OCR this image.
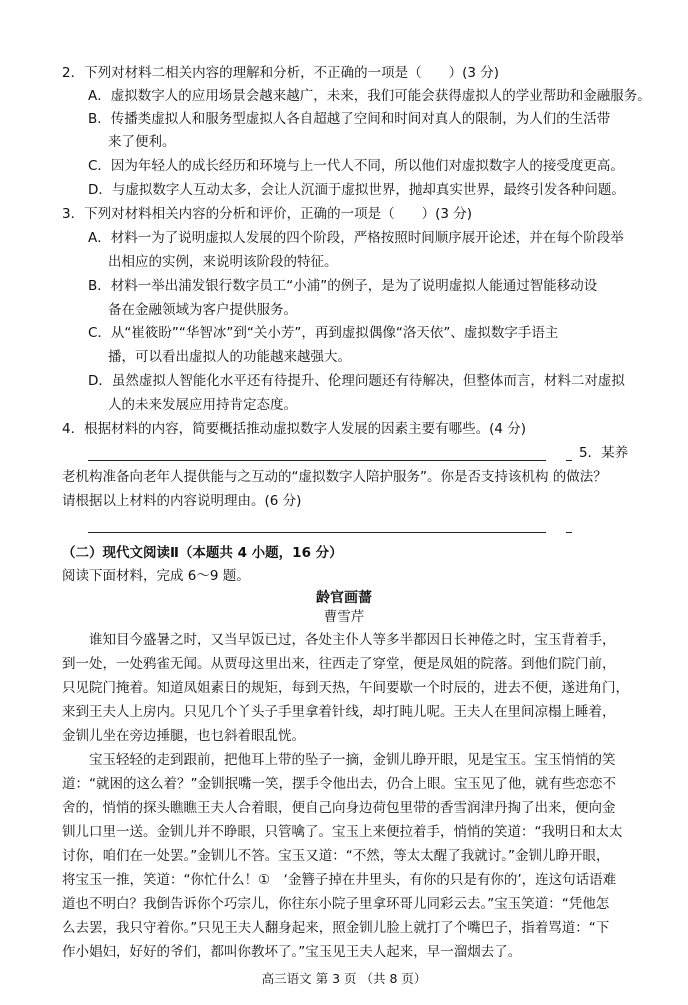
2．下列对材料二相关内容的理解和分析，不正确的一项是（　　）(3 分)
A．虚拟数字人的应用场景会越来越广，未来，我们可能会获得虚拟人的学业帮助和金融服务。
B．传播类虚拟人和服务型虚拟人各自超越了空间和时间对真人的限制，为人们的生活带
来了便利。
C．因为年轻人的成长经历和环境与上一代人不同，所以他们对虚拟数字人的接受度更高。
D．与虚拟数字人互动太多，会让人沉湎于虚拟世界，抛却真实世界，最终引发各种问题。
3．下列对材料相关内容的分析和评价，正确的一项是（　　）(3 分)
A．材料一为了说明虚拟人发展的四个阶段，严格按照时间顺序展开论述，并在每个阶段举
出相应的实例，来说明该阶段的特征。
B．材料一举出浦发银行数字员工“小浦”的例子，是为了说明虚拟人能通过智能移动设
备在金融领域为客户提供服务。
C．从“崔筱盼”“华智冰”到“关小芳”，再到虚拟偶像“洛天依”、虚拟数字手语主
播，可以看出虚拟人的功能越来越强大。
D．虽然虚拟人智能化水平还有待提升、伦理问题还有待解决，但整体而言，材料二对虚拟
人的未来发展应用持肯定态度。
4．根据材料的内容，简要概括推动虚拟数字人发展的因素主要有哪些。(4 分)
5．某养
老机构准备向老年人提供能与之互动的“虚拟数字人陪护服务”。你是否支持该机构 的做法？
请根据以上材料的内容说明理由。(6 分)
（二）现代文阅读Ⅱ（本题共 4 小题，16 分）
阅读下面材料，完成 6～9 题。
龄官画蔷
曹雪芹
　　谁知目今盛暑之时，又当早饭已过，各处主仆人等多半都因日长神倦之时，宝玉背着手，
到一处，一处鸦雀无闻。从贾母这里出来，往西走了穿堂，便是凤姐的院落。到他们院门前，
只见院门掩着。知道凤姐素日的规矩，每到天热，午间要歇一个时辰的，进去不便，遂进角门，
来到王夫人上房内。只见几个丫头子手里拿着针线，却打盹儿呢。王夫人在里间凉榻上睡着，
金钏儿坐在旁边捶腿，也乜斜着眼乱恍。
　　宝玉轻轻的走到跟前，把他耳上带的坠子一摘，金钏儿睁开眼，见是宝玉。宝玉悄悄的笑
道：“就困的这么着？”金钏抿嘴一笑，摆手令他出去，仍合上眼。宝玉见了他，就有些恋恋不
舍的，悄悄的探头瞧瞧王夫人合着眼，便自己向身边荷包里带的香雪润津丹掏了出来，便向金
钏儿口里一送。金钏儿并不睁眼，只管噙了。宝玉上来便拉着手，悄悄的笑道：“我明日和太太
讨你，咱们在一处罢。”金钏儿不答。宝玉又道：“不然，等太太醒了我就讨。”金钏儿睁开眼，
将宝玉一推，笑道：“你忙什么！①　‘金簪子掉在井里头，有你的只是有你的’，连这句话语难
道也不明白？我倒告诉你个巧宗儿，你往东小院子里拿环哥儿同彩云去。”宝玉笑道：“凭他怎
么去罢，我只守着你。”只见王夫人翻身起来，照金钏儿脸上就打了个嘴巴子，指着骂道：“下
作小娼妇，好好的爷们，都叫你教坏了。”宝玉见王夫人起来，早一溜烟去了。
高三语文 第 3 页 （共 8 页）
